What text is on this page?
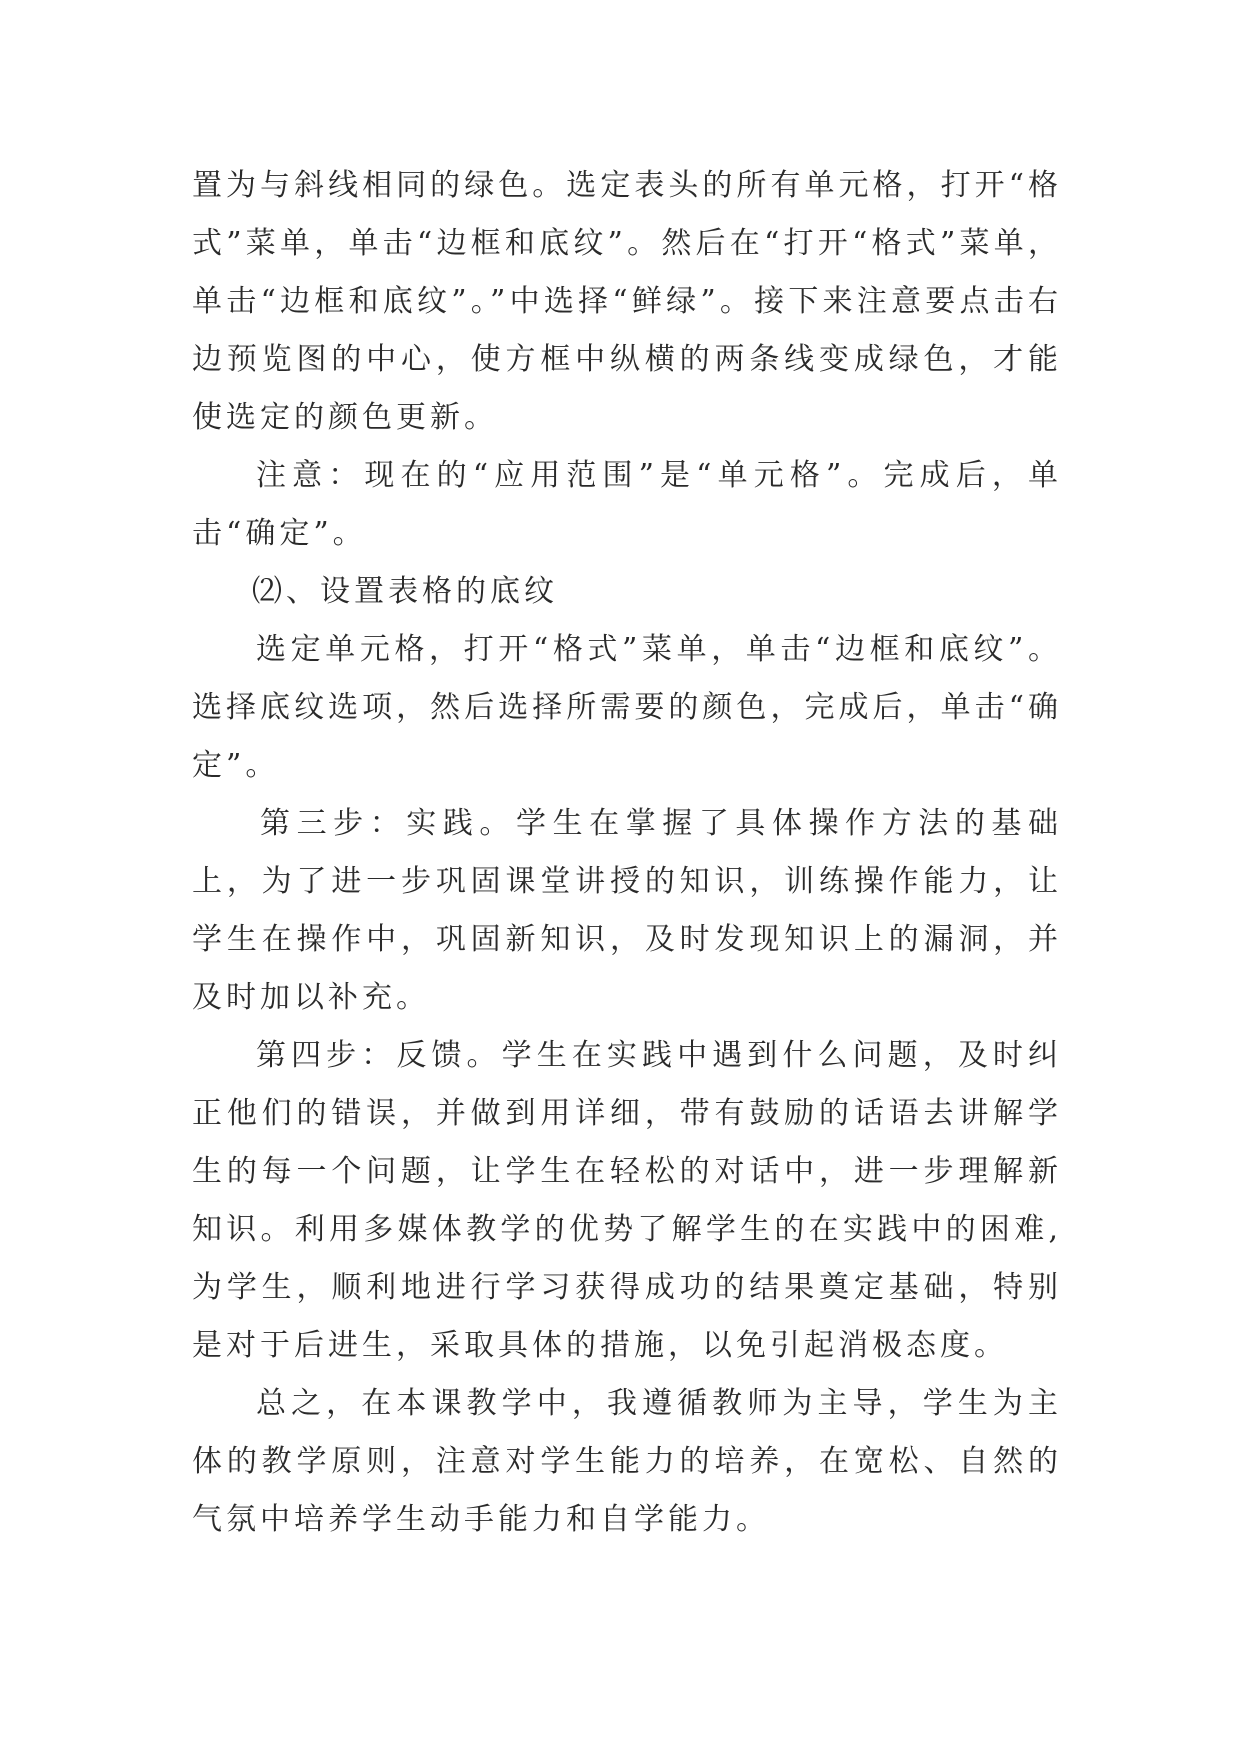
置为与斜线相同的绿色。选定表头的所有单元格，打开“格式”菜单，单击“边框和底纹”。然后在“打开“格式”菜单，单击“边框和底纹”。”中选择“鲜绿”。接下来注意要点击右边预览图的中心，使方框中纵横的两条线变成绿色，才能使选定的颜色更新。

注意：现在的“应用范围”是“单元格”。完成后，单击“确定”。

⑵、设置表格的底纹

选定单元格，打开“格式”菜单，单击“边框和底纹”。选择底纹选项，然后选择所需要的颜色，完成后，单击“确定”。

第三步：实践。学生在掌握了具体操作方法的基础上，为了进一步巩固课堂讲授的知识，训练操作能力，让学生在操作中，巩固新知识，及时发现知识上的漏洞，并及时加以补充。

第四步：反馈。学生在实践中遇到什么问题，及时纠正他们的错误，并做到用详细，带有鼓励的话语去讲解学生的每一个问题，让学生在轻松的对话中，进一步理解新知识。利用多媒体教学的优势了解学生的在实践中的困难,为学生，顺利地进行学习获得成功的结果奠定基础，特别是对于后进生，采取具体的措施，以免引起消极态度。

总之，在本课教学中，我遵循教师为主导，学生为主体的教学原则，注意对学生能力的培养，在宽松、自然的气氛中培养学生动手能力和自学能力。
